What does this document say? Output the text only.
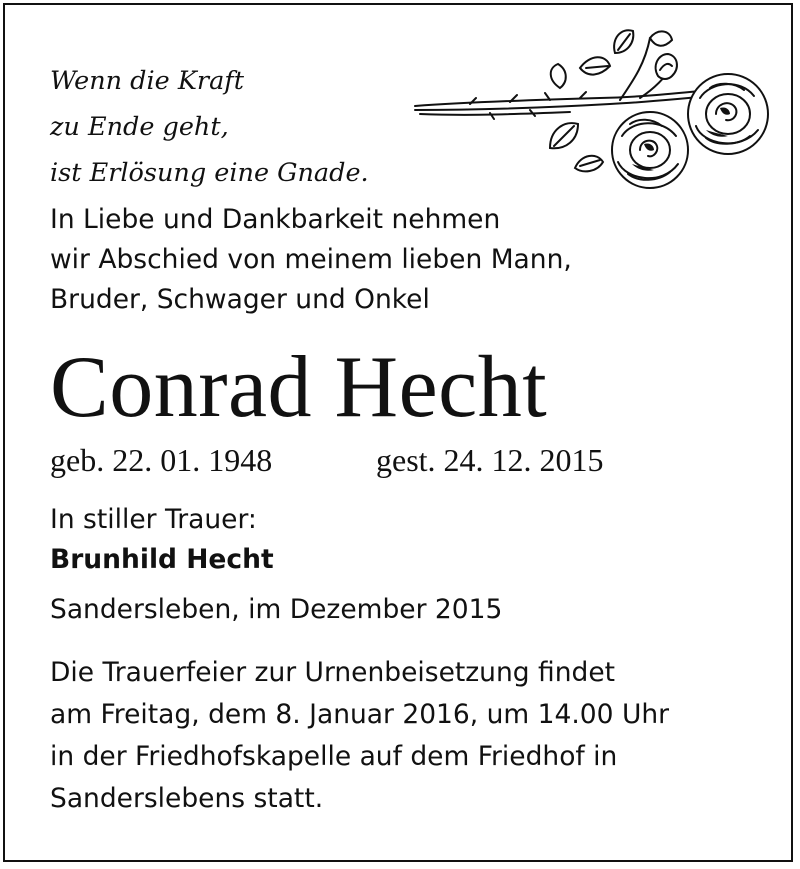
Wenn die Kraft
zu Ende geht,
ist Erlösung eine Gnade.
In Liebe und Dankbarkeit nehmen
wir Abschied von meinem lieben Mann,
Bruder, Schwager und Onkel
Conrad Hecht
geb. 22. 01. 1948	gest. 24. 12. 2015
In stiller Trauer:
Brunhild Hecht
Sandersleben, im Dezember 2015
Die Trauerfeier zur Urnenbeisetzung findet
am Freitag, dem 8. Januar 2016, um 14.00 Uhr
in der Friedhofskapelle auf dem Friedhof in
Sanderslebens statt.
